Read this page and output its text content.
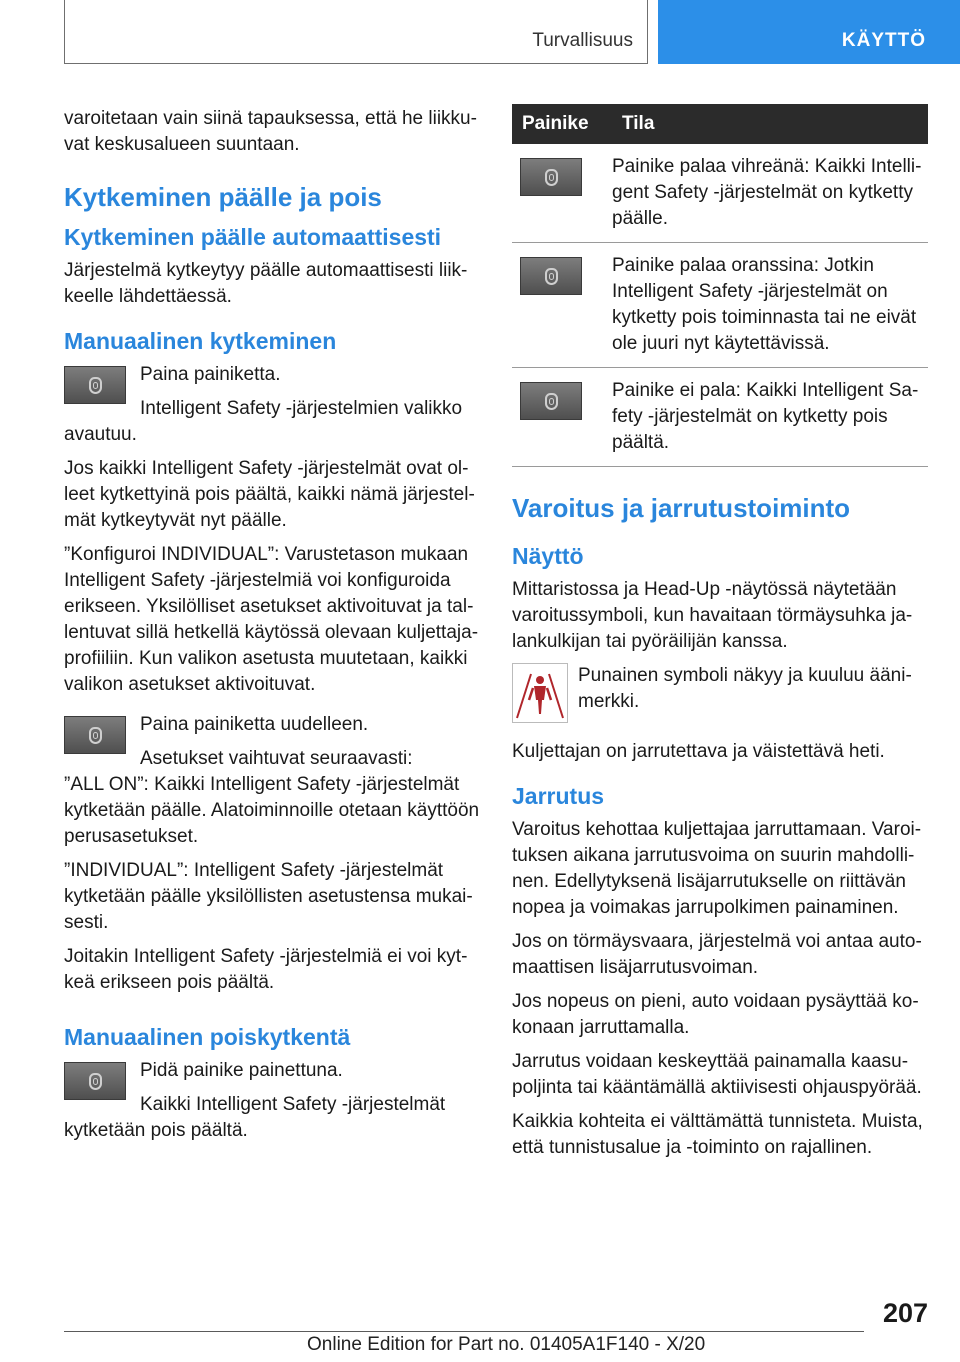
Turvallisuus	KÄYTTÖ

varoitetaan vain siinä tapauksessa, että he liikkuvat keskusalueen suuntaan.

Kytkeminen päälle ja pois
Kytkeminen päälle automaattisesti

Järjestelmä kytkeytyy päälle automaattisesti liikkeelle lähdettäessä.

Manuaalinen kytkeminen

Paina painiketta.

Intelligent Safety -järjestelmien valikko

avautuu.

Jos kaikki Intelligent Safety -järjestelmät ovat olleet kytkettyinä pois päältä, kaikki nämä järjestelmät kytkeytyvät nyt päälle.

”Konfiguroi INDIVIDUAL”: Varustetason mukaan Intelligent Safety -järjestelmiä voi konfiguroida erikseen. Yksilölliset asetukset aktivoituvat ja tallentuvat sillä hetkellä käytössä olevaan kuljettajaprofiiliin. Kun valikon asetusta muutetaan, kaikki valikon asetukset aktivoituvat.

Paina painiketta uudelleen.

Asetukset vaihtuvat seuraavasti:

”ALL ON”: Kaikki Intelligent Safety -järjestelmät kytketään päälle. Alatoiminnoille otetaan käyttöön perusasetukset.

”INDIVIDUAL”: Intelligent Safety -järjestelmät kytketään päälle yksilöllisten asetustensa mukaisesti.

Joitakin Intelligent Safety -järjestelmiä ei voi kytkeä erikseen pois päältä.

Manuaalinen poiskytkentä

Pidä painike painettuna.

Kaikki Intelligent Safety -järjestelmät

kytketään pois päältä.

Painike	Tila

	Painike palaa vihreänä: Kaikki Intelligent Safety -järjestelmät on kytketty päälle.

	Painike palaa oranssina: Jotkin Intelligent Safety -järjestelmät on kytketty pois toiminnasta tai ne eivät ole juuri nyt käytettävissä.

	Painike ei pala: Kaikki Intelligent Safety -järjestelmät on kytketty pois päältä.
Varoitus ja jarrutustoiminto
Näyttö

Mittaristossa ja Head-Up -näytössä näytetään varoitussymboli, kun havaitaan törmäysuhka jalankulkijan tai pyöräilijän kanssa.

Punainen symboli näkyy ja kuuluu äänimerkki.

Kuljettajan on jarrutettava ja väistettävä heti.

Jarrutus

Varoitus kehottaa kuljettajaa jarruttamaan. Varoituksen aikana jarrutusvoima on suurin mahdollinen. Edellytyksenä lisäjarrutukselle on riittävän nopea ja voimakas jarrupolkimen painaminen.

Jos on törmäysvaara, järjestelmä voi antaa automaattisen lisäjarrutusvoiman.

Jos nopeus on pieni, auto voidaan pysäyttää kokonaan jarruttamalla.

Jarrutus voidaan keskeyttää painamalla kaasupoljinta tai kääntämällä aktiivisesti ohjauspyörää.

Kaikkia kohteita ei välttämättä tunnisteta. Muista, että tunnistusalue ja -toiminto on rajallinen.

207
Online Edition for Part no. 01405A1F140 - X/20
